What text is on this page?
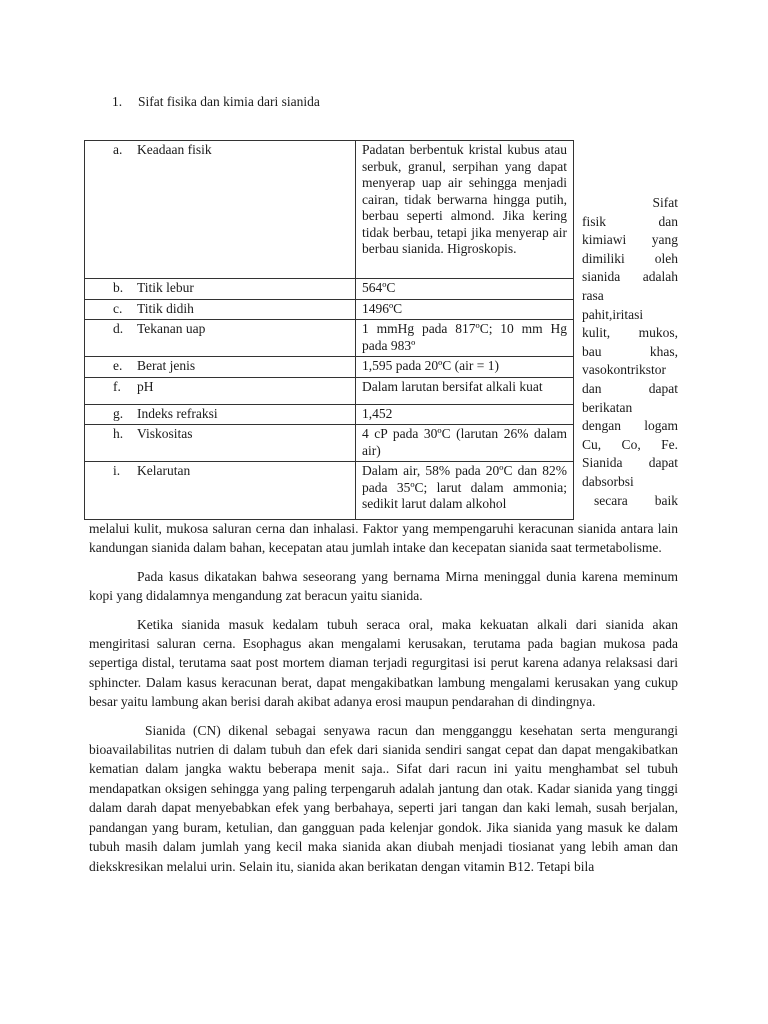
1. Sifat fisika dan kimia dari sianida
a. Keadaan fisik	Padatan berbentuk kristal kubus atau serbuk, granul, serpihan yang dapat menyerap uap air sehingga menjadi cairan, tidak berwarna hingga putih, berbau seperti almond. Jika kering tidak berbau, tetapi jika menyerap air berbau sianida. Higroskopis.
b. Titik lebur	564ºC
c. Titik didih	1496ºC
d. Tekanan uap	1 mmHg pada 817ºC; 10 mm Hg pada 983º
e. Berat jenis	1,595 pada 20ºC (air = 1)
f. pH	Dalam larutan bersifat alkali kuat
g. Indeks refraksi	1,452
h. Viskositas	4 cP pada 30ºC (larutan 26% dalam air)
i. Kelarutan	Dalam air, 58% pada 20ºC dan 82% pada 35ºC; larut dalam ammonia; sedikit larut dalam alkohol
Sifat
fisik dan
kimiawi yang
dimiliki oleh
sianida adalah
rasa
pahit,iritasi
kulit, mukos,
bau khas,
vasokontrikstor
dan dapat
berikatan
dengan logam
Cu, Co, Fe.
Sianida dapat
dabsorbsi
secara baik

melalui kulit, mukosa saluran cerna dan inhalasi. Faktor yang mempengaruhi keracunan sianida antara lain kandungan sianida dalam bahan, kecepatan atau jumlah intake dan kecepatan sianida saat termetabolisme.

Pada kasus dikatakan bahwa seseorang yang bernama Mirna meninggal dunia karena meminum kopi yang didalamnya mengandung zat beracun yaitu sianida.

Ketika sianida masuk kedalam tubuh seraca oral, maka kekuatan alkali dari sianida akan mengiritasi saluran cerna. Esophagus akan mengalami kerusakan, terutama pada bagian mukosa pada sepertiga distal, terutama saat post mortem diaman terjadi regurgitasi isi perut karena adanya relaksasi dari sphincter. Dalam kasus keracunan berat, dapat mengakibatkan lambung mengalami kerusakan yang cukup besar yaitu lambung akan berisi darah akibat adanya erosi maupun pendarahan di dindingnya.

Sianida (CN) dikenal sebagai senyawa racun dan mengganggu kesehatan serta mengurangi bioavailabilitas nutrien di dalam tubuh dan efek dari sianida sendiri sangat cepat dan dapat mengakibatkan kematian dalam jangka waktu beberapa menit saja.. Sifat dari racun ini yaitu menghambat sel tubuh mendapatkan oksigen sehingga yang paling terpengaruh adalah jantung dan otak. Kadar sianida yang tinggi dalam darah dapat menyebabkan efek yang berbahaya, seperti jari tangan dan kaki lemah, susah berjalan, pandangan yang buram, ketulian, dan gangguan pada kelenjar gondok. Jika sianida yang masuk ke dalam tubuh masih dalam jumlah yang kecil maka sianida akan diubah menjadi tiosianat yang lebih aman dan diekskresikan melalui urin. Selain itu, sianida akan berikatan dengan vitamin B12. Tetapi bila
